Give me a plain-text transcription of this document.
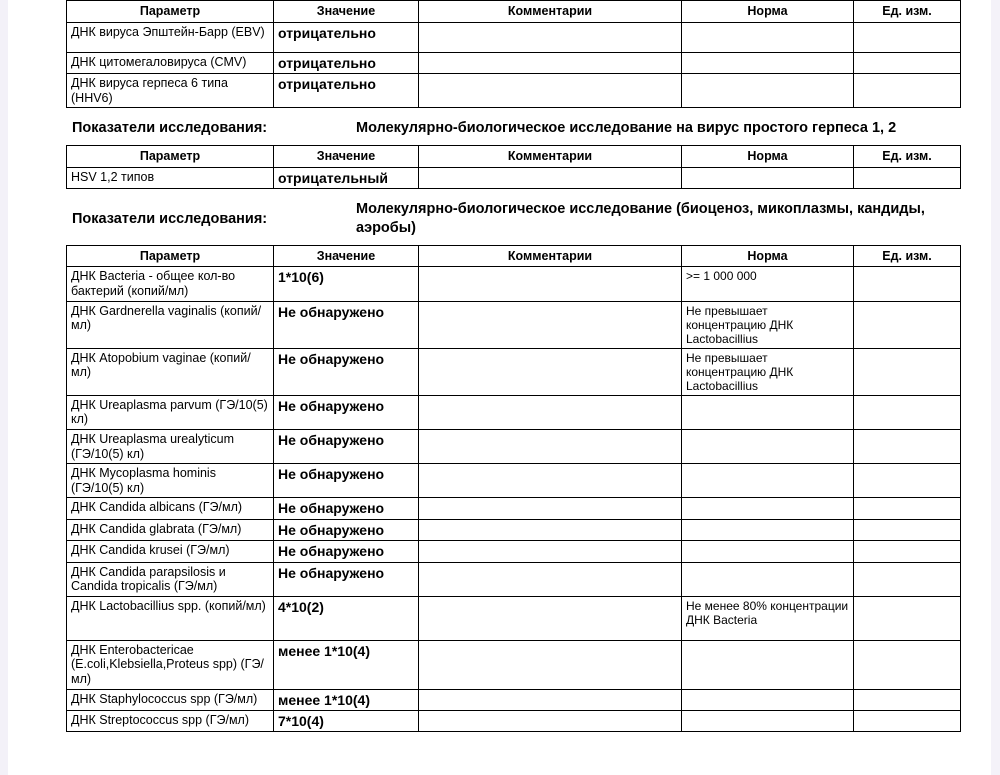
Параметр	Значение	Комментарии	Норма	Ед. изм.
ДНК вируса Эпштейн-Барр (EBV)	отрицательно			
ДНК цитомегаловируса (CMV)	отрицательно			
ДНК вируса герпеса 6 типа (HHV6)	отрицательно			
Показатели исследования:	Молекулярно-биологическое исследование на вирус простого герпеса 1, 2
Параметр	Значение	Комментарии	Норма	Ед. изм.
HSV 1,2 типов	отрицательный			
Показатели исследования:
Молекулярно-биологическое исследование (биоценоз, микоплазмы, кандиды, аэробы)
Параметр	Значение	Комментарии	Норма	Ед. изм.
ДНК Bacteria - общее кол-во бактерий (копий/мл)	1*10(6)		>= 1 000 000	
ДНК Gardnerella vaginalis (копий/мл)	Не обнаружено		Не превышает концентрацию ДНК Lactobacillius	
ДНК Atopobium vaginae (копий/мл)	Не обнаружено		Не превышает концентрацию ДНК Lactobacillius	
ДНК Ureaplasma parvum (ГЭ/10(5) кл)	Не обнаружено			
ДНК Ureaplasma urealyticum (ГЭ/10(5) кл)	Не обнаружено			
ДНК Mycoplasma hominis (ГЭ/10(5) кл)	Не обнаружено			
ДНК Candida albicans (ГЭ/мл)	Не обнаружено			
ДНК Candida glabrata (ГЭ/мл)	Не обнаружено			
ДНК Candida krusei (ГЭ/мл)	Не обнаружено			
ДНК Candida parapsilosis и Candida tropicalis (ГЭ/мл)	Не обнаружено			
ДНК Lactobacillius spp. (копий/мл)	4*10(2)		Не менее 80% концентрации ДНК Bacteria	
ДНК Enterobactericae (E.coli,Klebsiella,Proteus spp) (ГЭ/мл)	менее 1*10(4)			
ДНК Staphylococcus spp (ГЭ/мл)	менее 1*10(4)			
ДНК Streptococcus spp (ГЭ/мл)	7*10(4)			
